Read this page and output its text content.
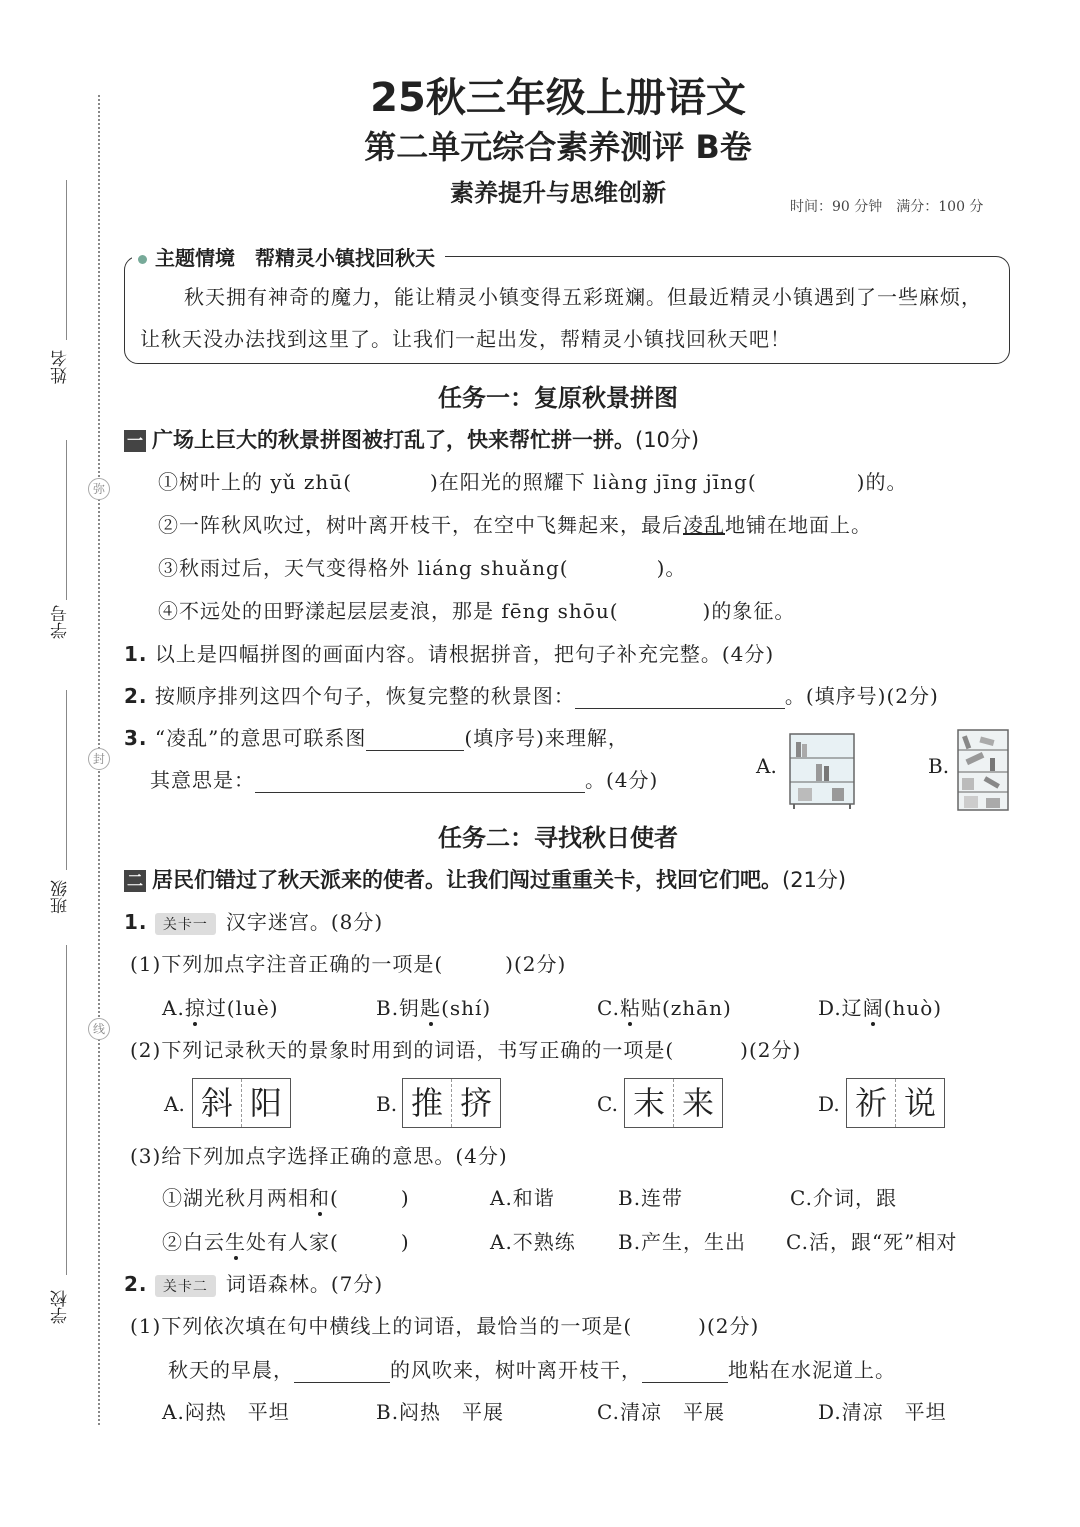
姓名
学号
班级
学校
弥
封
线
25秋三年级上册语文
第二单元综合素养测评 B卷
素养提升与思维创新	时间：90 分钟　满分：100 分
主题情境　 帮精灵小镇找回秋天
秋天拥有神奇的魔力，能让精灵小镇变得五彩斑斓。但最近精灵小镇遇到了一些麻烦，让秋天没办法找到这里了。让我们一起出发，帮精灵小镇找回秋天吧！
任务一：复原秋景拼图
一 广场上巨大的秋景拼图被打乱了，快来帮忙拼一拼。(10分)
①树叶上的 yǔ zhū(	)在阳光的照耀下 liàng jīng jīng(	)的。
②一阵秋风吹过，树叶离开枝干，在空中飞舞起来，最后凌乱地铺在地面上。
③秋雨过后，天气变得格外 liáng shuǎng(	)。
④不远处的田野漾起层层麦浪，那是 fēng shōu(	)的象征。
1. 以上是四幅拼图的画面内容。请根据拼音，把句子补充完整。(4分)
2. 按顺序排列这四个句子，恢复完整的秋景图：	。(填序号)(2分)
3. “凌乱”的意思可联系图	(填序号)来理解，
其意思是：	。(4分)
A.	B.
任务二：寻找秋日使者
二 居民们错过了秋天派来的使者。让我们闯过重重关卡，找回它们吧。(21分)
1. 关卡一 汉字迷宫。(8分)
(1)下列加点字注音正确的一项是(	)(2分)
A.掠过(luè)	B.钥匙(shí)	C.粘贴(zhān)	D.辽阔(huò)
(2)下列记录秋天的景象时用到的词语，书写正确的一项是(	)(2分)
A. 斜 阳	B. 推 挤	C. 末 来	D. 祈 说
(3)给下列加点字选择正确的意思。(4分)
①湖光秋月两相和(	)	A.和谐	B.连带	C.介词，跟
②白云生处有人家(	)	A.不熟练 B.产生，生出 C.活，跟“死”相对
2. 关卡二 词语森林。(7分)
(1)下列依次填在句中横线上的词语，最恰当的一项是(	)(2分)
秋天的早晨，	的风吹来，树叶离开枝干，	地粘在水泥道上。
A.闷热　平坦	B.闷热　平展	C.清凉　平展	D.清凉　平坦
